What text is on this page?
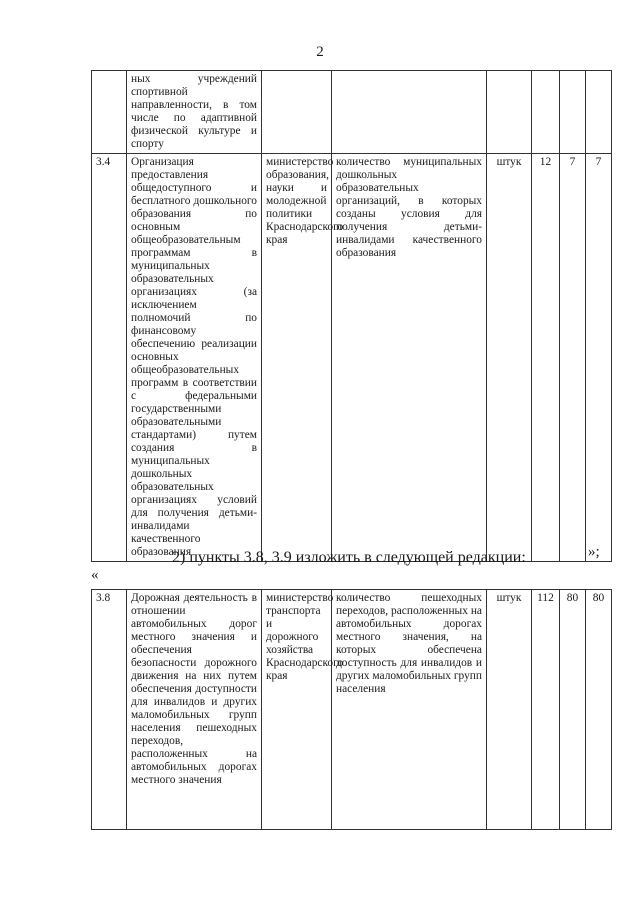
2
	ных учреждений спортивной направленности, в том числе по адаптивной физической культуре и спорту						
3.4	Организация предоставления общедоступного и бесплатного дошкольного образования по основным общеобразовательным программам в муниципальных образовательных организациях (за исключением полномочий по финансовому обеспечению реализации основных общеобразовательных программ в соответствии с федеральными государственными образовательными стандартами) путем создания в муниципальных дошкольных образовательных организациях условий для получения детьми-инвалидами качественного образования	министерство образования, науки и молодежной политики Краснодарского края	количество муниципальных дошкольных образовательных организаций, в которых созданы условия для получения детьми-инвалидами качественного образования	штук	12	7	7
»;
2) пункты 3.8, 3.9 изложить в следующей редакции:
«
3.8	Дорожная деятельность в отношении автомобильных дорог местного значения и обеспечения безопасности дорожного движения на них путем обеспечения доступности для инвалидов и других маломобильных групп населения пешеходных переходов, расположенных на автомобильных дорогах местного значения	министерство транспорта и дорожного хозяйства Краснодарского края	количество пешеходных переходов, расположенных на автомобильных дорогах местного значения, на которых обеспечена доступность для инвалидов и других маломобильных групп населения	штук	112	80	80
